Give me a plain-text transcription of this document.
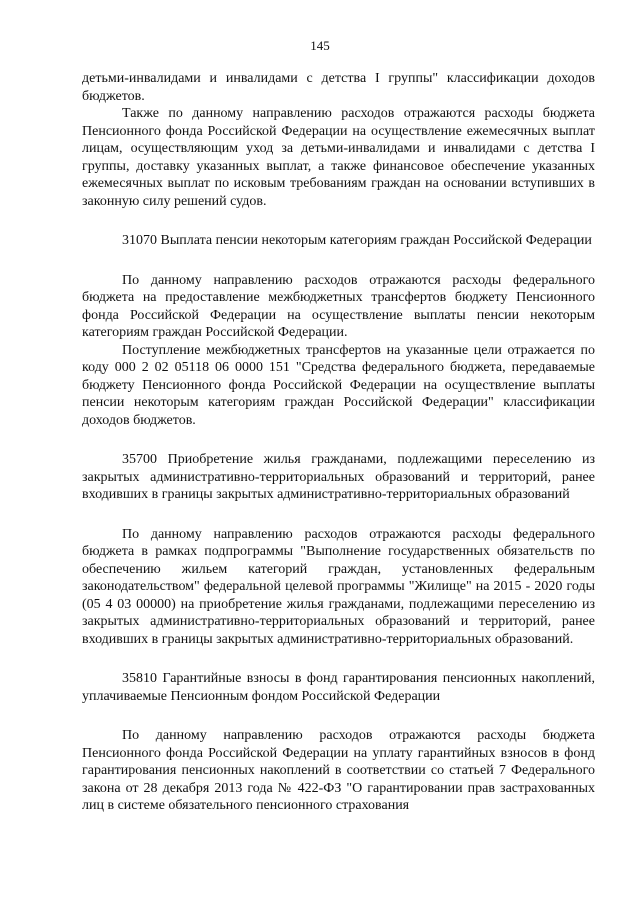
145

детьми-инвалидами и инвалидами с детства I группы" классификации доходов бюджетов.

Также по данному направлению расходов отражаются расходы бюджета Пенсионного фонда Российской Федерации на осуществление ежемесячных выплат лицам, осуществляющим уход за детьми-инвалидами и инвалидами с детства I группы, доставку указанных выплат, а также финансовое обеспечение указанных ежемесячных выплат по исковым требованиям граждан на основании вступивших в законную силу решений судов.

31070 Выплата пенсии некоторым категориям граждан Российской Федерации

По данному направлению расходов отражаются расходы федерального бюджета на предоставление межбюджетных трансфертов бюджету Пенсионного фонда Российской Федерации на осуществление выплаты пенсии некоторым категориям граждан Российской Федерации.

Поступление межбюджетных трансфертов на указанные цели отражается по коду 000 2 02 05118 06 0000 151 "Средства федерального бюджета, передаваемые бюджету Пенсионного фонда Российской Федерации на осуществление выплаты пенсии некоторым категориям граждан Российской Федерации" классификации доходов бюджетов.

35700 Приобретение жилья гражданами, подлежащими переселению из закрытых административно-территориальных образований и территорий, ранее входивших в границы закрытых административно-территориальных образований

По данному направлению расходов отражаются расходы федерального бюджета в рамках подпрограммы "Выполнение государственных обязательств по обеспечению жильем категорий граждан, установленных федеральным законодательством" федеральной целевой программы "Жилище" на 2015 - 2020 годы (05 4 03 00000) на приобретение жилья гражданами, подлежащими переселению из закрытых административно-территориальных образований и территорий, ранее входивших в границы закрытых административно-территориальных образований.

35810 Гарантийные взносы в фонд гарантирования пенсионных накоплений, уплачиваемые Пенсионным фондом Российской Федерации

По данному направлению расходов отражаются расходы бюджета Пенсионного фонда Российской Федерации на уплату гарантийных взносов в фонд гарантирования пенсионных накоплений в соответствии со статьей 7 Федерального закона от 28 декабря 2013 года № 422-ФЗ "О гарантировании прав застрахованных лиц в системе обязательного пенсионного страхования
